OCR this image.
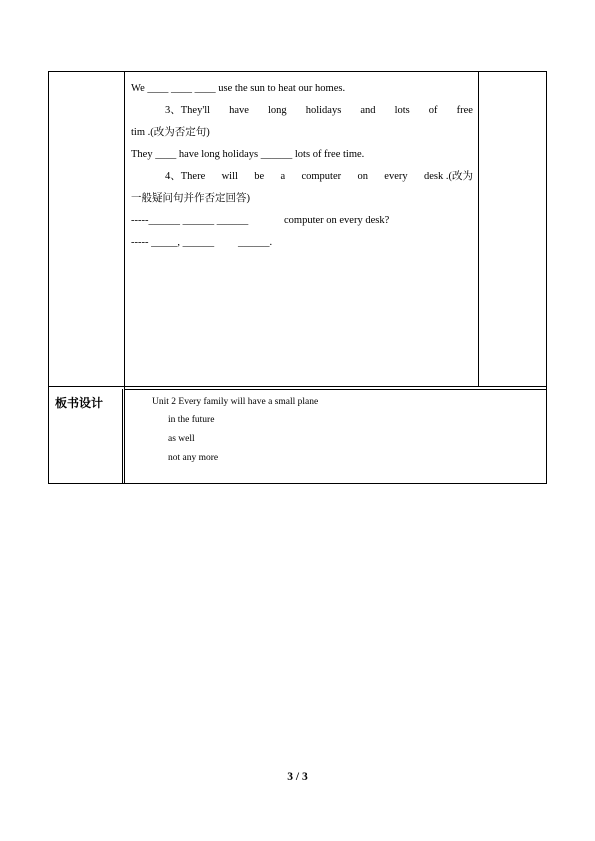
We ____ ____ ____ use the sun to heat our homes.
3、They'll have long holidays and lots of free
tim .(改为否定句)
They ____ have long holidays ______ lots of free time.
4、There will be a computer on every desk .(改为
一般疑问句并作否定回答)
-----______ ______ ______	computer on every desk?
----- _____, ______ ______.
板书设计	Unit 2 Every family will have a small plane
in the future
as well
not any more
3 / 3
